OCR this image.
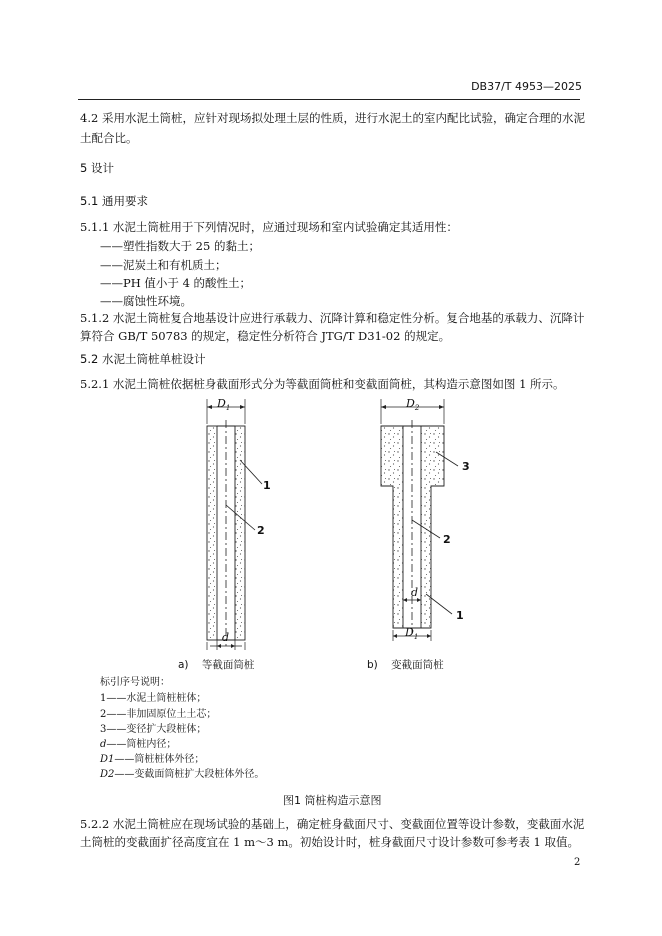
DB37/T 4953—2025
4.2 采用水泥土筒桩，应针对现场拟处理土层的性质，进行水泥土的室内配比试验，确定合理的水泥
土配合比。
5 设计
5.1 通用要求
5.1.1 水泥土筒桩用于下列情况时，应通过现场和室内试验确定其适用性：
——塑性指数大于 25 的黏土；
——泥炭土和有机质土；
——PH 值小于 4 的酸性土；
——腐蚀性环境。
5.1.2 水泥土筒桩复合地基设计应进行承载力、沉降计算和稳定性分析。复合地基的承载力、沉降计
算符合 GB/T 50783 的规定，稳定性分析符合 JTG/T D31-02 的规定。
5.2 水泥土筒桩单桩设计
5.2.1 水泥土筒桩依据桩身截面形式分为等截面筒桩和变截面筒桩，其构造示意图如图 1 所示。
$D_1$
d
1
2
$D_2$
d
$D_1$
3
2
1
a) 等截面筒桩	b) 变截面筒桩
标引序号说明：
1——水泥土筒桩桩体；
2——非加固原位土土芯；
3——变径扩大段桩体；
d——筒桩内径；
D1——筒桩桩体外径；
D2——变截面筒桩扩大段桩体外径。
图1 筒桩构造示意图
5.2.2 水泥土筒桩应在现场试验的基础上，确定桩身截面尺寸、变截面位置等设计参数，变截面水泥
土筒桩的变截面扩径高度宜在 1 m～3 m。初始设计时，桩身截面尺寸设计参数可参考表 1 取值。
2
